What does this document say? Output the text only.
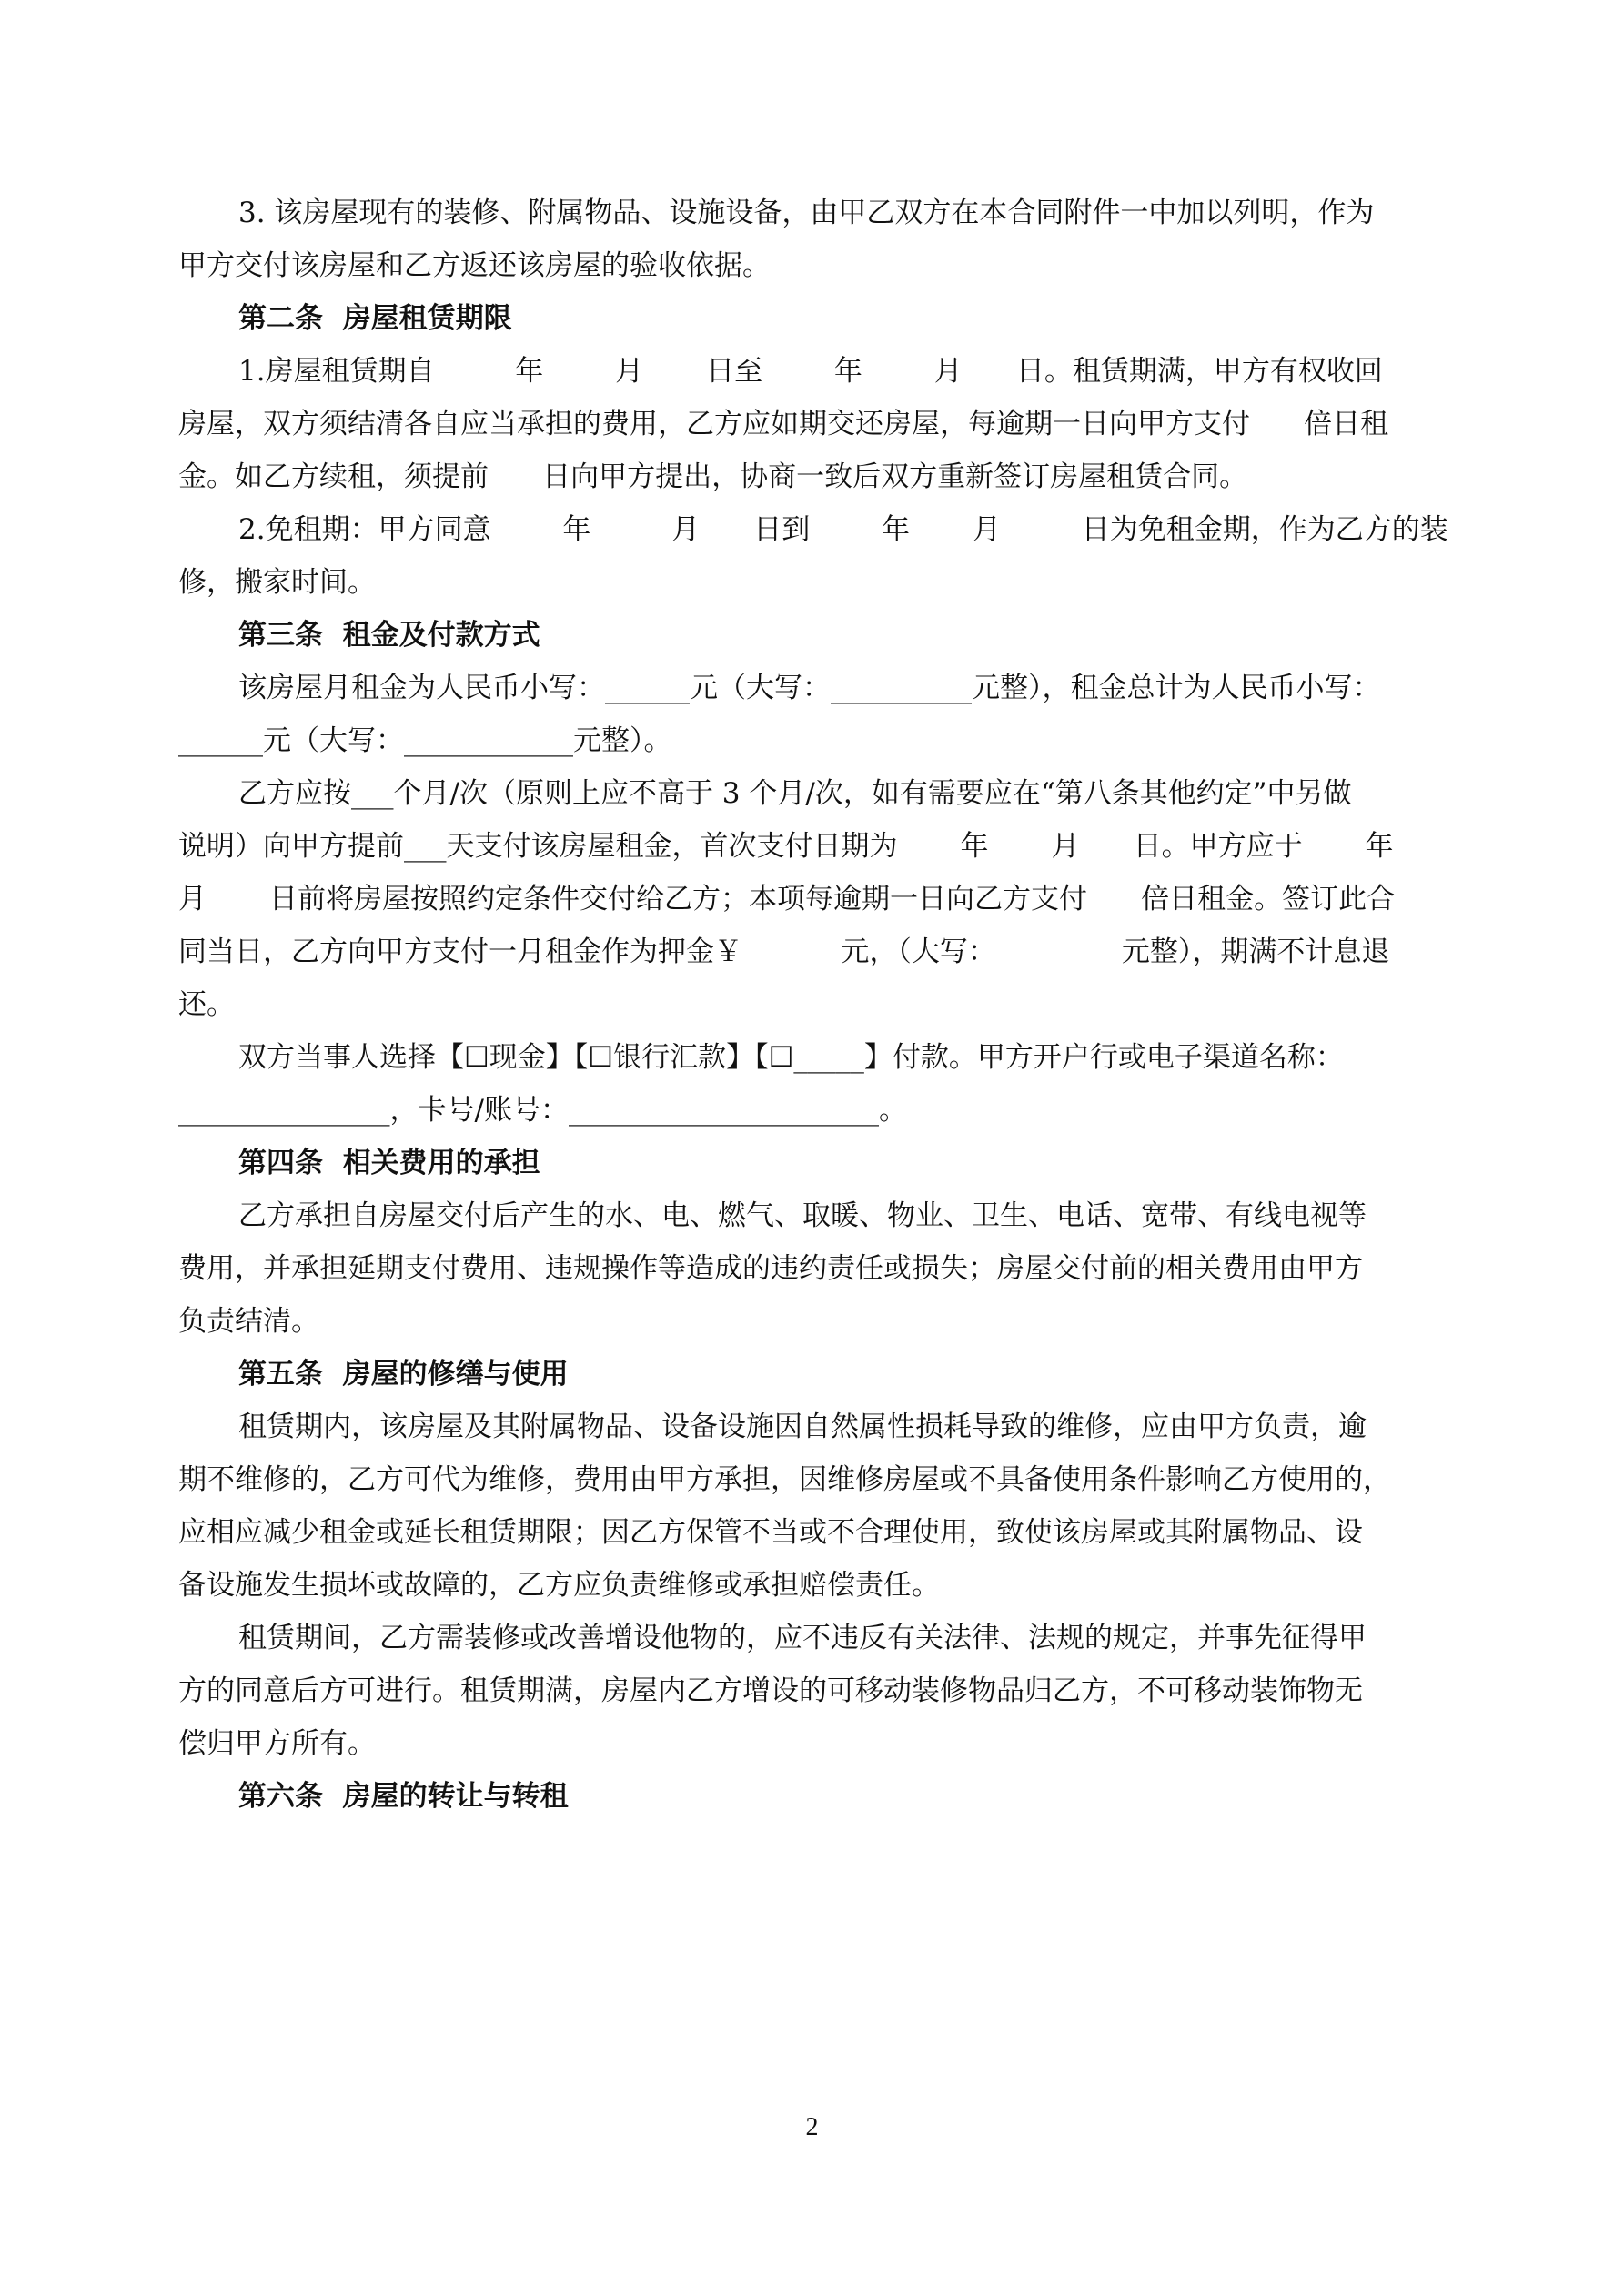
3. 该房屋现有的装修、附属物品、设施设备，由甲乙双方在本合同附件一中加以列明，作为
甲方交付该房屋和乙方返还该房屋的验收依据。
第二条  房屋租赁期限
1.房屋租赁期自         年        月       日至        年        月      日。租赁期满，甲方有权收回
房屋，双方须结清各自应当承担的费用，乙方应如期交还房屋，每逾期一日向甲方支付      倍日租
金。如乙方续租，须提前      日向甲方提出，协商一致后双方重新签订房屋租赁合同。
2.免租期：甲方同意        年         月      日到        年       月         日为免租金期，作为乙方的装
修，搬家时间。
第三条  租金及付款方式
该房屋月租金为人民币小写：______元（大写：__________元整），租金总计为人民币小写：
______元（大写：____________元整）。
乙方应按___个月/次（原则上应不高于 3 个月/次，如有需要应在“第八条其他约定”中另做
说明）向甲方提前___天支付该房屋租金，首次支付日期为       年       月      日。甲方应于       年
月       日前将房屋按照约定条件交付给乙方；本项每逾期一日向乙方支付      倍日租金。签订此合
同当日，乙方向甲方支付一月租金作为押金￥           元，（大写：              元整），期满不计息退
还。
双方当事人选择【☐现金】【☐银行汇款】【☐_____】付款。甲方开户行或电子渠道名称：
_______________，卡号/账号：______________________。
第四条  相关费用的承担
乙方承担自房屋交付后产生的水、电、燃气、取暖、物业、卫生、电话、宽带、有线电视等
费用，并承担延期支付费用、违规操作等造成的违约责任或损失；房屋交付前的相关费用由甲方
负责结清。
第五条  房屋的修缮与使用
租赁期内，该房屋及其附属物品、设备设施因自然属性损耗导致的维修，应由甲方负责，逾
期不维修的，乙方可代为维修，费用由甲方承担，因维修房屋或不具备使用条件影响乙方使用的，
应相应减少租金或延长租赁期限；因乙方保管不当或不合理使用，致使该房屋或其附属物品、设
备设施发生损坏或故障的，乙方应负责维修或承担赔偿责任。
租赁期间，乙方需装修或改善增设他物的，应不违反有关法律、法规的规定，并事先征得甲
方的同意后方可进行。租赁期满，房屋内乙方增设的可移动装修物品归乙方，不可移动装饰物无
偿归甲方所有。
第六条  房屋的转让与转租
2
